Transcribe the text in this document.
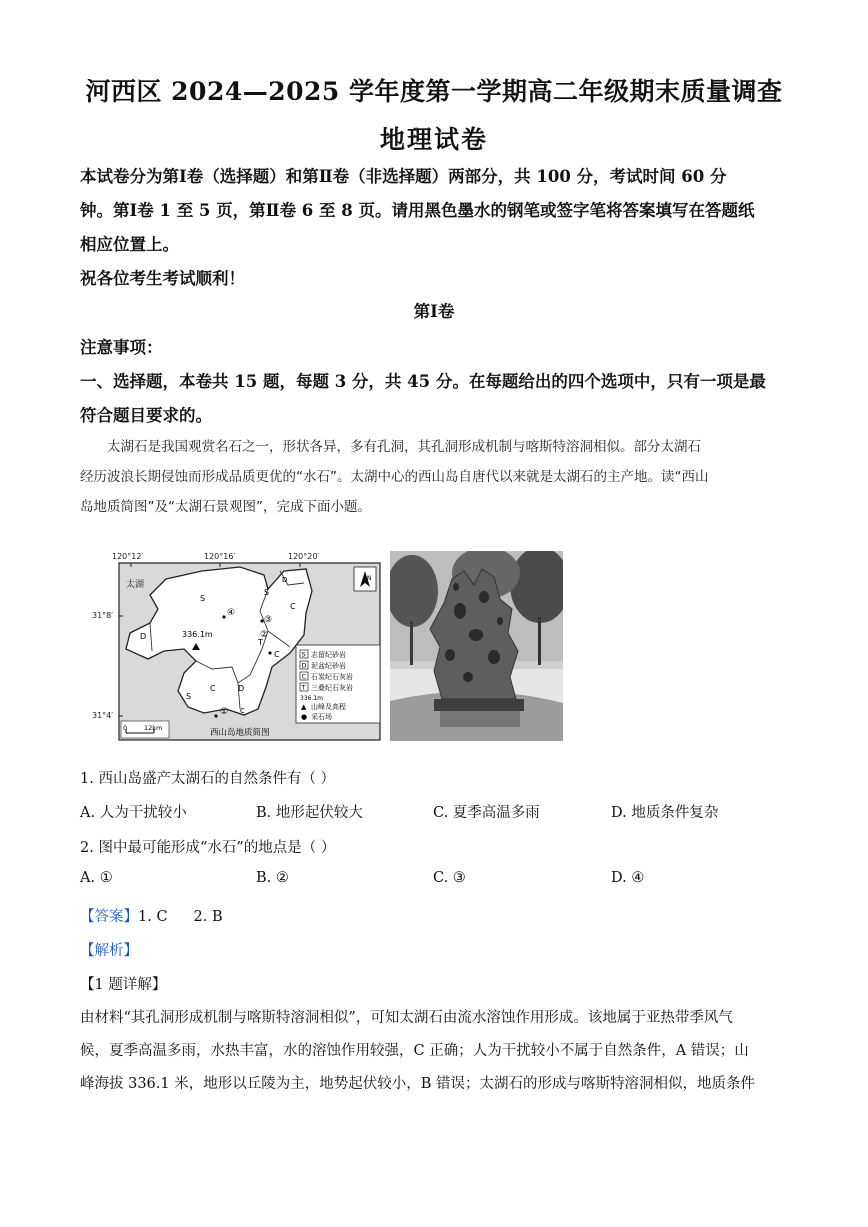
河西区 2024—2025 学年度第一学期高二年级期末质量调查
地理试卷

本试卷分为第Ⅰ卷（选择题）和第Ⅱ卷（非选择题）两部分，共 100 分，考试时间 60 分

钟。第Ⅰ卷 1 至 5 页，第Ⅱ卷 6 至 8 页。请用黑色墨水的钢笔或签字笔将答案填写在答题纸

相应位置上。

祝各位考生考试顺利！

第Ⅰ卷

注意事项：

一、选择题，本卷共 15 题，每题 3 分，共 45 分。在每题给出的四个选项中，只有一项是最

符合题目要求的。

太湖石是我国观赏名石之一，形状各异，多有孔洞，其孔洞形成机制与喀斯特溶洞相似。部分太湖石

经历波浪长期侵蚀而形成品质更优的“水石”。太湖中心的西山岛自唐代以来就是太湖石的主产地。读“西山

岛地质简图”及“太湖石景观图”，完成下面小题。

120°12′	120°16′	120°20′
31°8′
31°4′
S
D
C
T
S
C
D
C
D
S
C
太湖
336.1m
①
②
③
④
N
S 志留纪砂岩
D 泥盆纪砂岩
C 石炭纪石灰岩
T 三叠纪石灰岩
336.1m
▲ 山峰及高程
● 采石场
0	12km	西山岛地质简图
1. 西山岛盛产太湖石的自然条件有（ ）
A. 人为干扰较小	B. 地形起伏较大	C. 夏季高温多雨	D. 地质条件复杂
2. 图中最可能形成“水石”的地点是（ ）
A. ①	B. ②	C. ③	D. ④
【答案】1. C 2. B
【解析】
【1 题详解】

由材料“其孔洞形成机制与喀斯特溶洞相似”，可知太湖石由流水溶蚀作用形成。该地属于亚热带季风气

候，夏季高温多雨，水热丰富，水的溶蚀作用较强，C 正确；人为干扰较小不属于自然条件，A 错误；山

峰海拔 336.1 米，地形以丘陵为主，地势起伏较小，B 错误；太湖石的形成与喀斯特溶洞相似，地质条件
